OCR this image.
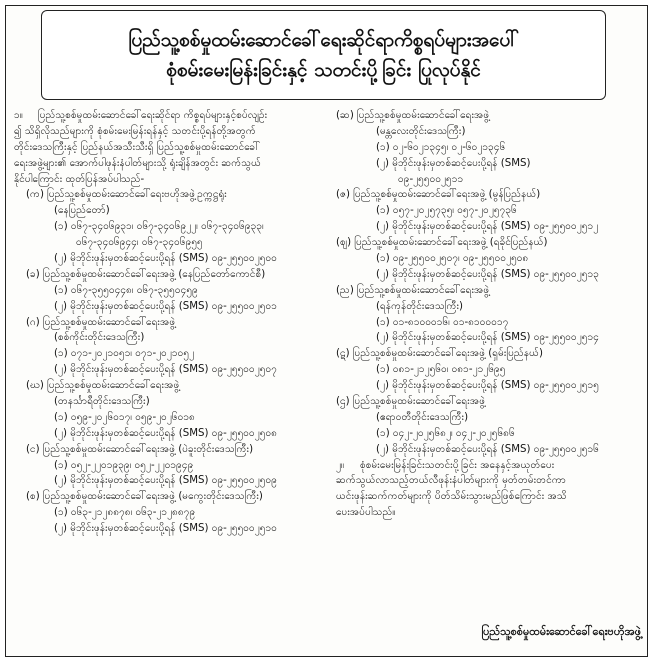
ပြည်သူ့စစ်မှုထမ်းဆောင်ခေါ်ရေးဆိုင်ရာကိစ္စရပ်များအပေါ်
စုံစမ်းမေးမြန်းခြင်းနှင့် သတင်းပို့ခြင်း ပြုလုပ်နိုင်
၁။ ပြည်သူ့စစ်မှုထမ်းဆောင်ခေါ်ရေးဆိုင်ရာ ကိစ္စရပ်များနှင့်စပ်လျဉ်း
၍ သိရှိလိုသည်များကို စုံစမ်းမေးမြန်းရန်နှင့် သတင်းပို့ရန်တို့အတွက်
တိုင်းဒေသကြီးနှင့် ပြည်နယ်အသီးသီးရှိ ပြည်သူ့စစ်မှုထမ်းဆောင်ခေါ်
ရေးအဖွဲ့များ၏ အောက်ပါဖုန်းနံပါတ်များသို့ ရုံးချိန်အတွင်း ဆက်သွယ်
နိုင်ပါကြောင်း ထုတ်ပြန်အပ်ပါသည်-
(က) ပြည်သူ့စစ်မှုထမ်းဆောင်ခေါ်ရေးဗဟိုအဖွဲ့ဥက္ကဋ္ဌရုံး
(နေပြည်တော်)
(၁) ဝ၆၇-၃၄၀၆၉၃၁၊ ဝ၆၇-၃၄၀၆၉၂၂၊ ဝ၆၇-၃၄၀၆၉၃၃၊
ဝ၆၇-၃၄၀၆၉၄၄၊ ဝ၆၇-၃၄၀၆၉၅၅
(၂) မိုဘိုင်းဖုန်းမှတစ်ဆင့်ပေးပို့ရန် (SMS) ဝ၉-၂၅၅၀၀၂၅၀၀
(ခ) ပြည်သူ့စစ်မှုထမ်းဆောင်ခေါ်ရေးအဖွဲ့ (နေပြည်တော်ကောင်စီ)
(၁) ဝ၆၇-၃၅၅၀၄၄၈၊ ဝ၆၇-၃၅၅၀၄၅၉
(၂) မိုဘိုင်းဖုန်းမှတစ်ဆင့်ပေးပို့ရန် (SMS) ဝ၉-၂၅၅၀၀၂၅၀၁
(ဂ) ပြည်သူ့စစ်မှုထမ်းဆောင်ခေါ်ရေးအဖွဲ့
(စစ်ကိုင်းတိုင်းဒေသကြီး)
(၁) ဝ၇၁-၂၀၂၁၀၅၁၊ ဝ၇၁-၂၀၂၁၀၅၂
(၂) မိုဘိုင်းဖုန်းမှတစ်ဆင့်ပေးပို့ရန် (SMS) ဝ၉-၂၅၅၀၀၂၅၀၇
(ဃ) ပြည်သူ့စစ်မှုထမ်းဆောင်ခေါ်ရေးအဖွဲ့
(တနင်္သာရီတိုင်းဒေသကြီး)
(၁) ဝ၅၉-၂၀၂၆၀၁၇၊ ဝ၅၉-၂၀၂၆၀၁၈
(၂) မိုဘိုင်းဖုန်းမှတစ်ဆင့်ပေးပို့ရန် (SMS) ဝ၉-၂၅၅၀၀၂၅၀၈
(င) ပြည်သူ့စစ်မှုထမ်းဆောင်ခေါ်ရေးအဖွဲ့ (ပဲခူးတိုင်းဒေသကြီး)
(၁) ဝ၅၂-၂၂၀၁၉၃၉၊ ဝ၅၂-၂၂၀၁၉၄၉
(၂) မိုဘိုင်းဖုန်းမှတစ်ဆင့်ပေးပို့ရန် (SMS) ဝ၉-၂၅၅၀၀၂၅၀၉
(စ) ပြည်သူ့စစ်မှုထမ်းဆောင်ခေါ်ရေးအဖွဲ့ (မကွေးတိုင်းဒေသကြီး)
(၁) ဝ၆၃-၂၁၂၈၈၇၈၊ ဝ၆၃-၂၁၂၈၈၇၉
(၂) မိုဘိုင်းဖုန်းမှတစ်ဆင့်ပေးပို့ရန် (SMS) ဝ၉-၂၅၅၀၀၂၅၁၀
(ဆ) ပြည်သူ့စစ်မှုထမ်းဆောင်ခေါ်ရေးအဖွဲ့
(မန္တလေးတိုင်းဒေသကြီး)
(၁) ဝ၂-၆၀၂၁၃၄၅၊ ဝ၂-၆၀၂၁၃၄၆
(၂) မိုဘိုင်းဖုန်းမှတစ်ဆင့်ပေးပို့ရန် (SMS)
ဝ၉-၂၅၅၀၀၂၅၁၁
(ဇ) ပြည်သူ့စစ်မှုထမ်းဆောင်ခေါ်ရေးအဖွဲ့ (မွန်ပြည်နယ်)
(၁) ဝ၅၇-၂၀၂၅၇၃၅၊ ဝ၅၇-၂၀၂၅၇၃၆
(၂) မိုဘိုင်းဖုန်းမှတစ်ဆင့်ပေးပို့ရန် (SMS) ဝ၉-၂၅၅၀၀၂၅၁၂
(ဈ) ပြည်သူ့စစ်မှုထမ်းဆောင်ခေါ်ရေးအဖွဲ့ (ရခိုင်ပြည်နယ်)
(၁) ဝ၉-၂၅၅၀၀၂၅၀၇၊ ဝ၉-၂၅၅၀၀၂၅၀၈
(၂) မိုဘိုင်းဖုန်းမှတစ်ဆင့်ပေးပို့ရန် (SMS) ဝ၉-၂၅၅၀၀၂၅၁၃
(ည) ပြည်သူ့စစ်မှုထမ်းဆောင်ခေါ်ရေးအဖွဲ့
(ရန်ကုန်တိုင်းဒေသကြီး)
(၁) ဝ၁-၈၁၀၀၀၁၆၊ ဝ၁-၈၁၀၀၀၁၇
(၂) မိုဘိုင်းဖုန်းမှတစ်ဆင့်ပေးပို့ရန် (SMS) ဝ၉-၂၅၅၀၀၂၅၁၄
(ဋ) ပြည်သူ့စစ်မှုထမ်းဆောင်ခေါ်ရေးအဖွဲ့ (ရှမ်းပြည်နယ်)
(၁) ဝ၈၁-၂၁၂၅၆၀၊ ဝ၈၁-၂၁၂၆၉၅
(၂) မိုဘိုင်းဖုန်းမှတစ်ဆင့်ပေးပို့ရန် (SMS) ဝ၉-၂၅၅၀၀၂၅၁၅
(ဌ) ပြည်သူ့စစ်မှုထမ်းဆောင်ခေါ်ရေးအဖွဲ့
(ဧရာဝတီတိုင်းဒေသကြီး)
(၁) ဝ၄၂-၂၀၂၅၆၈၂၊ ဝ၄၂-၂၀၂၅၆၈၆
(၂) မိုဘိုင်းဖုန်းမှတစ်ဆင့်ပေးပို့ရန် (SMS) ဝ၉-၂၅၅၀၀၂၅၁၆
၂။ စုံစမ်းမေးမြန်းခြင်းသတင်းပို့ခြင်း အနေနှင့်အယုတ်ပေး
ဆက်သွယ်လာသည့်တယ်လီဖုန်းနံပါတ်များကို မှတ်တမ်းတင်ကာ
ယင်းဖုန်းဆက်ကတ်များကို ပိတ်သိမ်းသွားမည်ဖြစ်ကြောင်း အသိ
ပေးအပ်ပါသည်။
ပြည်သူ့စစ်မှုထမ်းဆောင်ခေါ်ရေးဗဟိုအဖွဲ့
